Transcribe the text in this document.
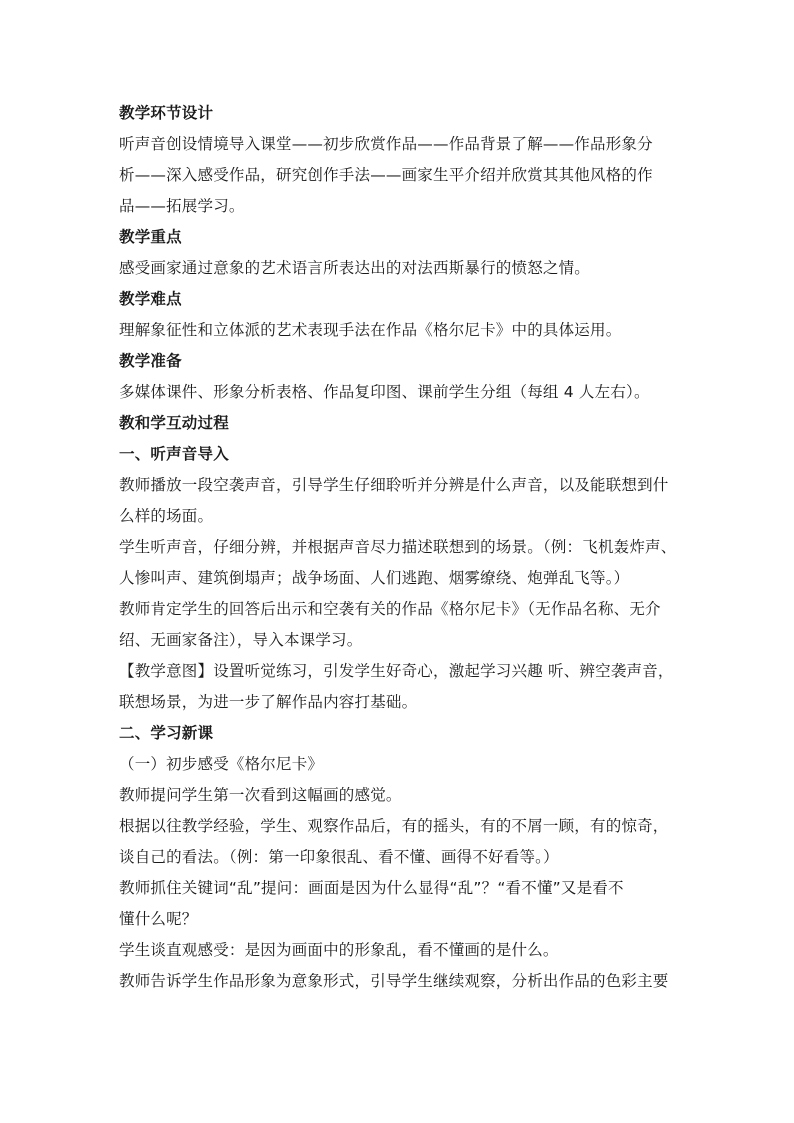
教学环节设计
听声音创设情境导入课堂——初步欣赏作品——作品背景了解——作品形象分
析——深入感受作品，研究创作手法——画家生平介绍并欣赏其其他风格的作
品——拓展学习。
教学重点
感受画家通过意象的艺术语言所表达出的对法西斯暴行的愤怒之情。
教学难点
理解象征性和立体派的艺术表现手法在作品《格尔尼卡》中的具体运用。
教学准备
多媒体课件、形象分析表格、作品复印图、课前学生分组（每组 4 人左右）。
教和学互动过程
一、听声音导入
教师播放一段空袭声音，引导学生仔细聆听并分辨是什么声音，以及能联想到什
么样的场面。
学生听声音，仔细分辨，并根据声音尽力描述联想到的场景。（例：飞机轰炸声、
人惨叫声、建筑倒塌声；战争场面、人们逃跑、烟雾缭绕、炮弹乱飞等。）
教师肯定学生的回答后出示和空袭有关的作品《格尔尼卡》（无作品名称、无介
绍、无画家备注），导入本课学习。
【教学意图】设置听觉练习，引发学生好奇心，激起学习兴趣 听、辨空袭声音，
联想场景，为进一步了解作品内容打基础。
二、学习新课
（一）初步感受《格尔尼卡》
教师提问学生第一次看到这幅画的感觉。
根据以往教学经验，学生、观察作品后，有的摇头，有的不屑一顾，有的惊奇，
谈自己的看法。（例：第一印象很乱、看不懂、画得不好看等。）
教师抓住关键词“乱”提问：画面是因为什么显得“乱”？“看不懂”又是看不
懂什么呢？
学生谈直观感受：是因为画面中的形象乱，看不懂画的是什么。
教师告诉学生作品形象为意象形式，引导学生继续观察，分析出作品的色彩主要
